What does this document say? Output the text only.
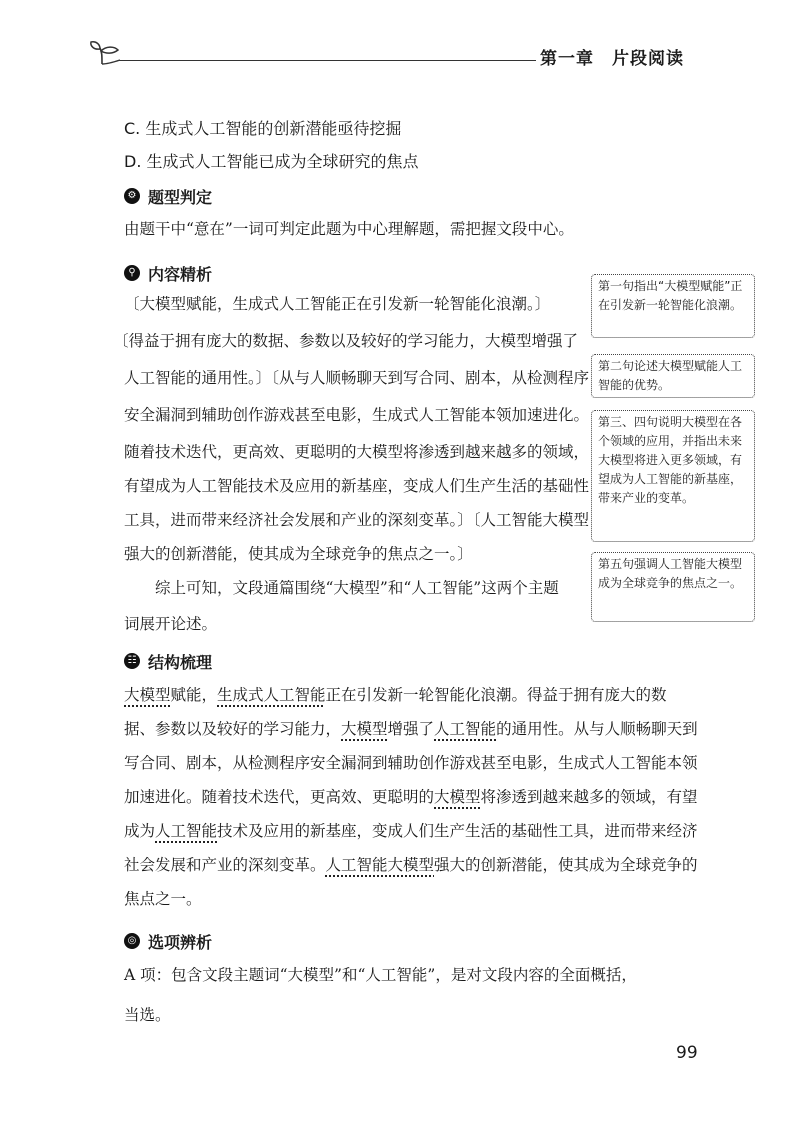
第一章 片段阅读
C. 生成式人工智能的创新潜能亟待挖掘
D. 生成式人工智能已成为全球研究的焦点
⚙ 题型判定
由题干中“意在”一词可判定此题为中心理解题，需把握文段中心。
⚲ 内容精析
〔大模型赋能，生成式人工智能正在引发新一轮智能化浪潮。〕
〔得益于拥有庞大的数据、参数以及较好的学习能力，大模型增强了
人工智能的通用性。〕〔从与人顺畅聊天到写合同、剧本，从检测程序
安全漏洞到辅助创作游戏甚至电影，生成式人工智能本领加速进化。
随着技术迭代，更高效、更聪明的大模型将渗透到越来越多的领域，
有望成为人工智能技术及应用的新基座，变成人们生产生活的基础性
工具，进而带来经济社会发展和产业的深刻变革。〕〔人工智能大模型
强大的创新潜能，使其成为全球竞争的焦点之一。〕
综上可知，文段通篇围绕“大模型”和“人工智能”这两个主题
词展开论述。
第一句指出“大模型赋能”正在引发新一轮智能化浪潮。
第二句论述大模型赋能人工智能的优势。
第三、四句说明大模型在各个领域的应用，并指出未来大模型将进入更多领域，有望成为人工智能的新基座，带来产业的变革。
第五句强调人工智能大模型成为全球竞争的焦点之一。
☷ 结构梳理
大模型赋能，生成式人工智能正在引发新一轮智能化浪潮。得益于拥有庞大的数
据、参数以及较好的学习能力，大模型增强了人工智能的通用性。从与人顺畅聊天到
写合同、剧本，从检测程序安全漏洞到辅助创作游戏甚至电影，生成式人工智能本领
加速进化。随着技术迭代，更高效、更聪明的大模型将渗透到越来越多的领域，有望
成为人工智能技术及应用的新基座，变成人们生产生活的基础性工具，进而带来经济
社会发展和产业的深刻变革。人工智能大模型强大的创新潜能，使其成为全球竞争的
焦点之一。
◎ 选项辨析
A 项：包含文段主题词“大模型”和“人工智能”，是对文段内容的全面概括，
当选。
99
